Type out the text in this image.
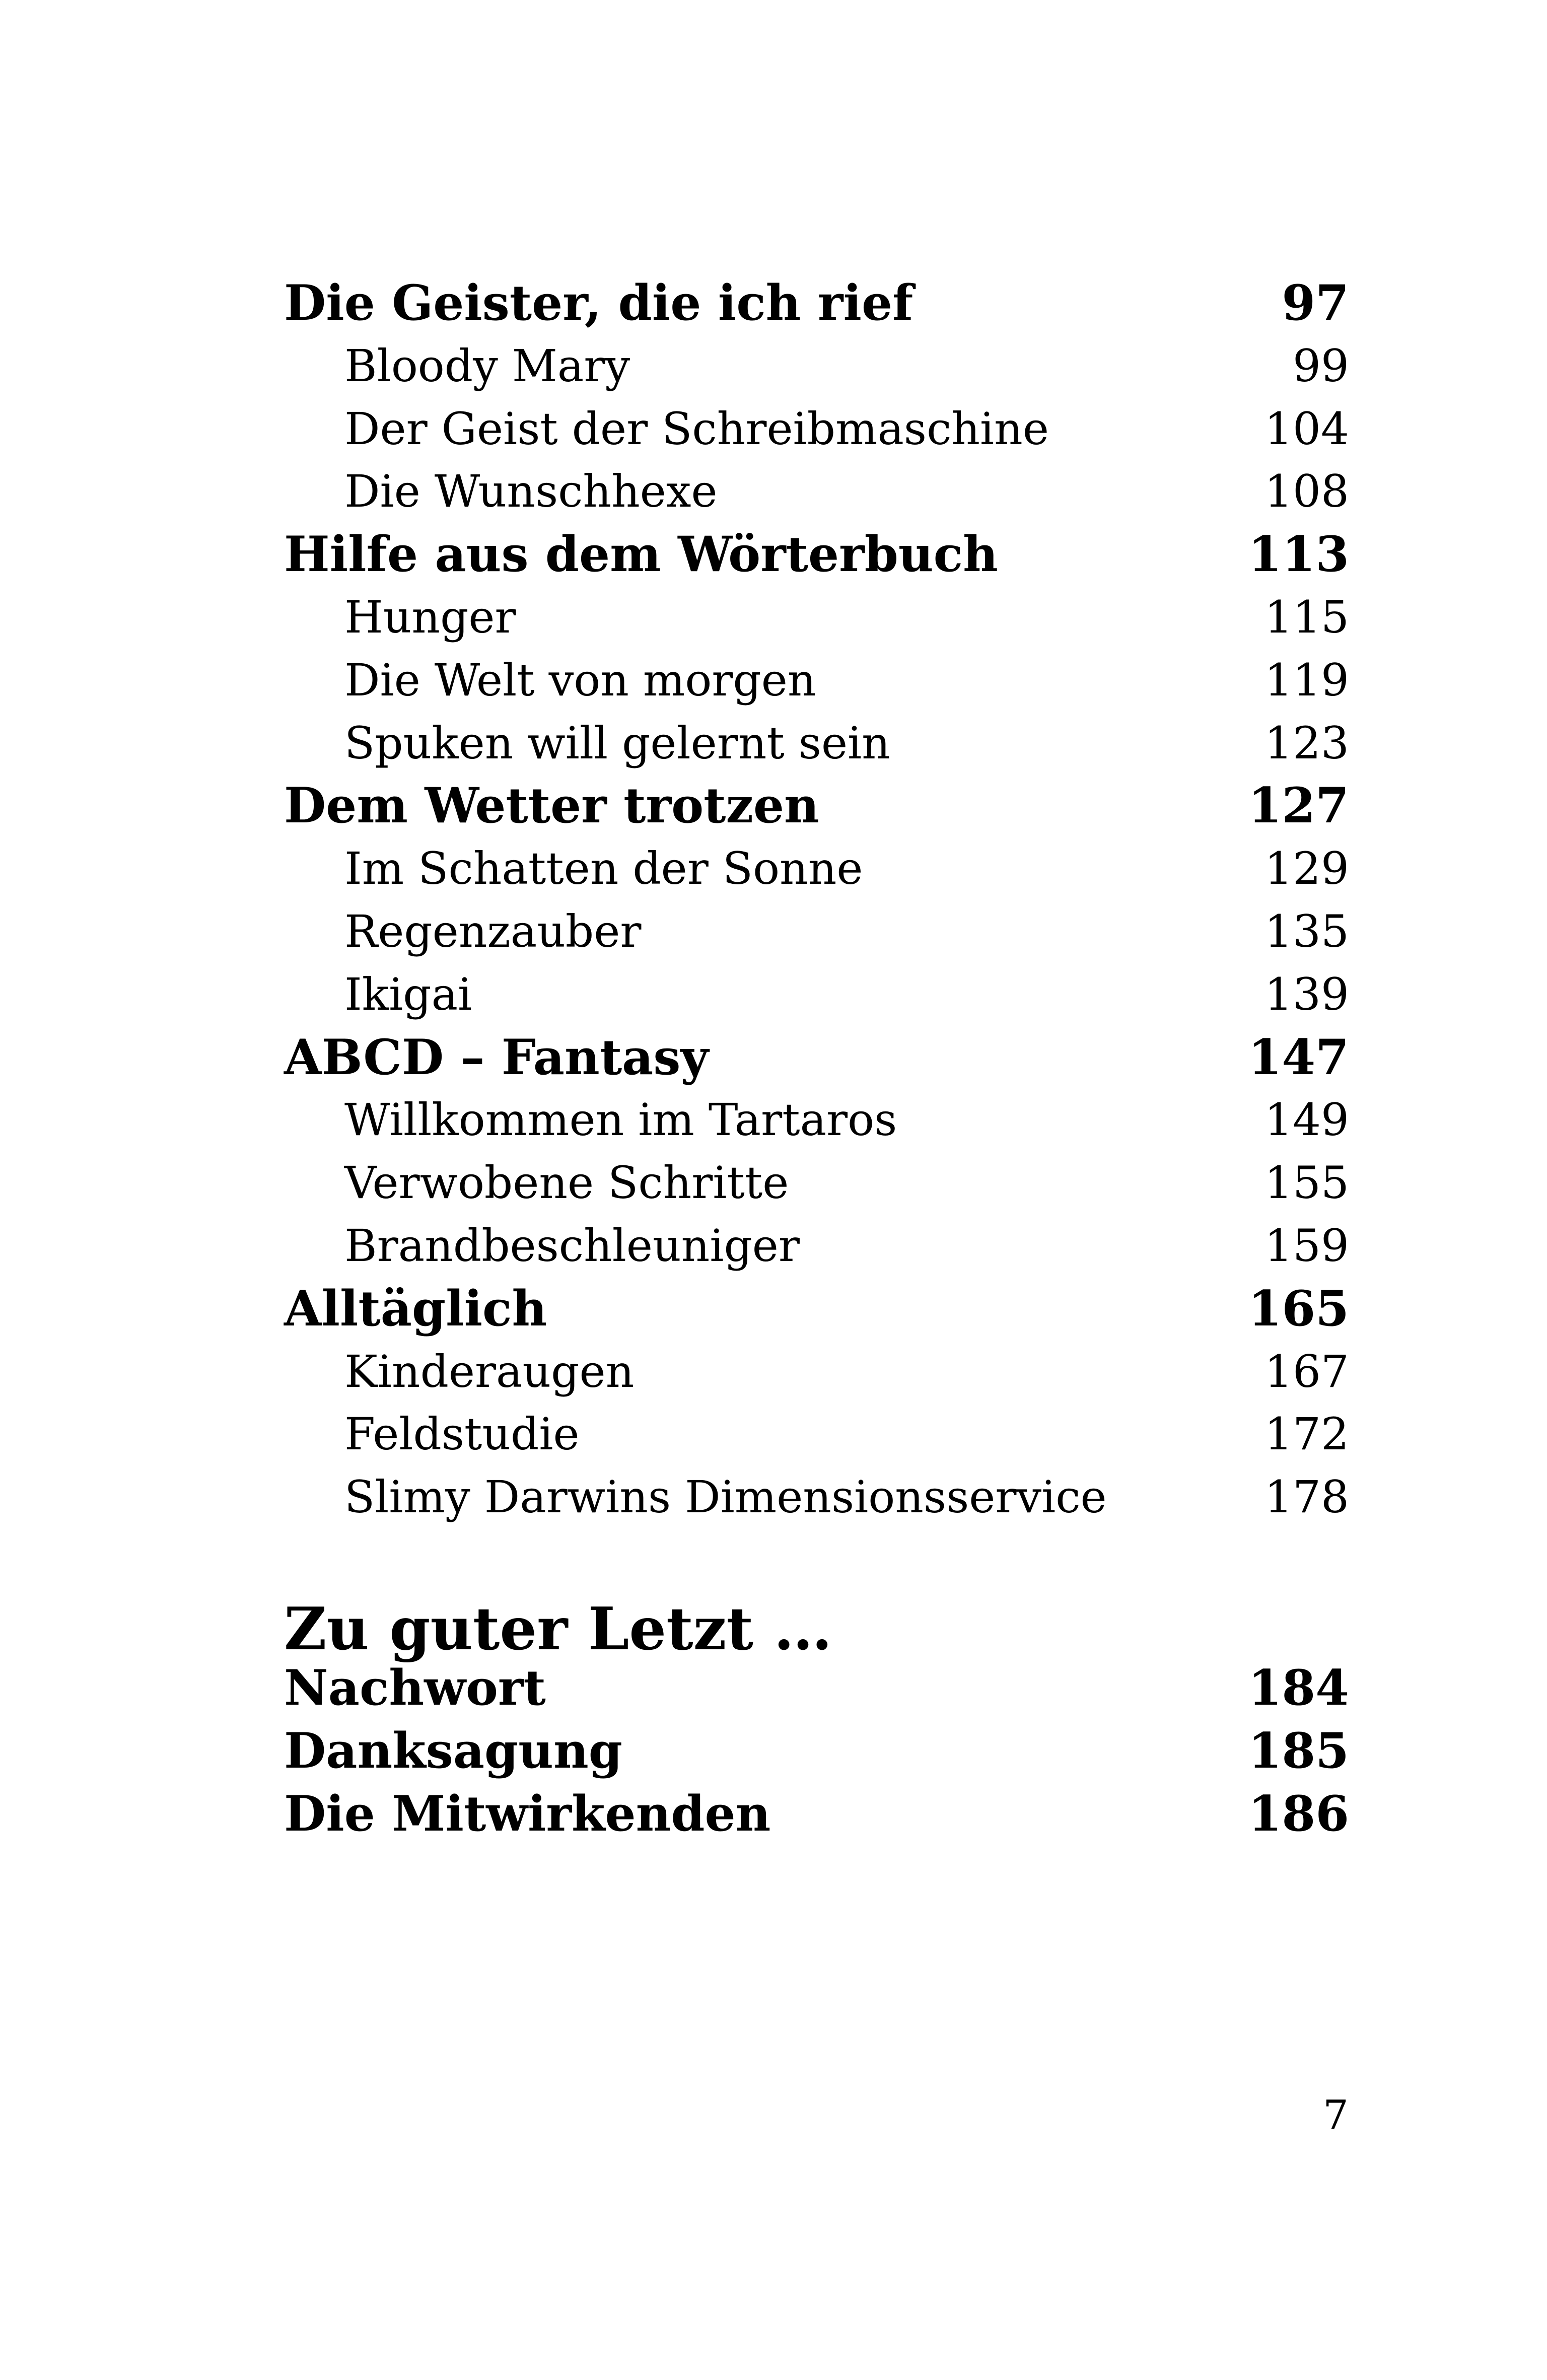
Die Geister, die ich rief	97
Bloody Mary	99
Der Geist der Schreibmaschine	104
Die Wunschhexe	108
Hilfe aus dem Wörterbuch	113
Hunger	115
Die Welt von morgen	119
Spuken will gelernt sein	123
Dem Wetter trotzen	127
Im Schatten der Sonne	129
Regenzauber	135
Ikigai	139
ABCD – Fantasy	147
Willkommen im Tartaros	149
Verwobene Schritte	155
Brandbeschleuniger	159
Alltäglich	165
Kinderaugen	167
Feldstudie	172
Slimy Darwins Dimensionsservice	178
Zu guter Letzt …
Nachwort	184
Danksagung	185
Die Mitwirkenden	186
7
